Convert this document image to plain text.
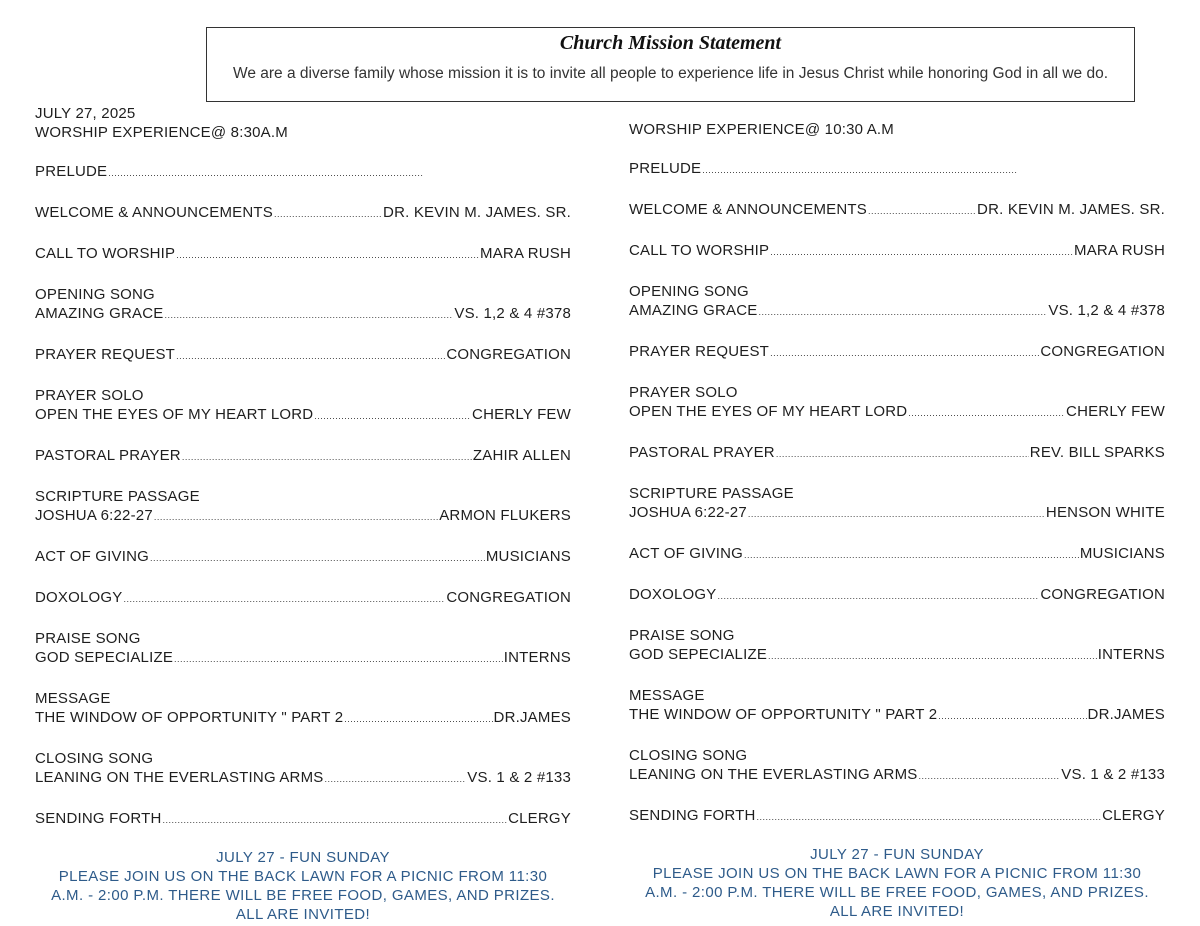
Church Mission Statement
We are a diverse family whose mission it is to invite all people to experience life in Jesus Christ while honoring God in all we do.
JULY 27, 2025
WORSHIP EXPERIENCE@ 8:30A.M
PRELUDE
.....
WELCOME & ANNOUNCEMENTS .....	DR. KEVIN M. JAMES. SR.
CALL TO WORSHIP .....	MARA RUSH
OPENING SONG
AMAZING GRACE .....	VS. 1,2 & 4 #378
PRAYER REQUEST .....	CONGREGATION
PRAYER SOLO
OPEN THE EYES OF MY HEART LORD .....	CHERLY FEW
PASTORAL PRAYER .....	ZAHIR ALLEN
SCRIPTURE PASSAGE
JOSHUA 6:22-27 .....	ARMON FLUKERS
ACT OF GIVING .....	MUSICIANS
DOXOLOGY .....	CONGREGATION
PRAISE SONG
GOD SEPECIALIZE .....	INTERNS
MESSAGE
THE WINDOW OF OPPORTUNITY " PART 2 .....	DR.JAMES
CLOSING SONG
LEANING ON THE EVERLASTING ARMS .....	VS. 1 & 2 #133
SENDING FORTH .....	CLERGY
JULY 27 - FUN SUNDAY
PLEASE JOIN US ON THE BACK LAWN FOR A PICNIC FROM 11:30 A.M. - 2:00 P.M. THERE WILL BE FREE FOOD, GAMES, AND PRIZES. ALL ARE INVITED!
WORSHIP EXPERIENCE@ 10:30 A.M
PRELUDE
.....
WELCOME & ANNOUNCEMENTS .....	DR. KEVIN M. JAMES. SR.
CALL TO WORSHIP .....	MARA RUSH
OPENING SONG
AMAZING GRACE .....	VS. 1,2 & 4 #378
PRAYER REQUEST .....	CONGREGATION
PRAYER SOLO
OPEN THE EYES OF MY HEART LORD .....	CHERLY FEW
PASTORAL PRAYER .....	REV. BILL SPARKS
SCRIPTURE PASSAGE
JOSHUA 6:22-27 .....	HENSON WHITE
ACT OF GIVING .....	MUSICIANS
DOXOLOGY .....	CONGREGATION
PRAISE SONG
GOD SEPECIALIZE .....	INTERNS
MESSAGE
THE WINDOW OF OPPORTUNITY " PART 2 .....	DR.JAMES
CLOSING SONG
LEANING ON THE EVERLASTING ARMS .....	VS. 1 & 2 #133
SENDING FORTH .....	CLERGY
JULY 27 - FUN SUNDAY
PLEASE JOIN US ON THE BACK LAWN FOR A PICNIC FROM 11:30 A.M. - 2:00 P.M. THERE WILL BE FREE FOOD, GAMES, AND PRIZES. ALL ARE INVITED!
